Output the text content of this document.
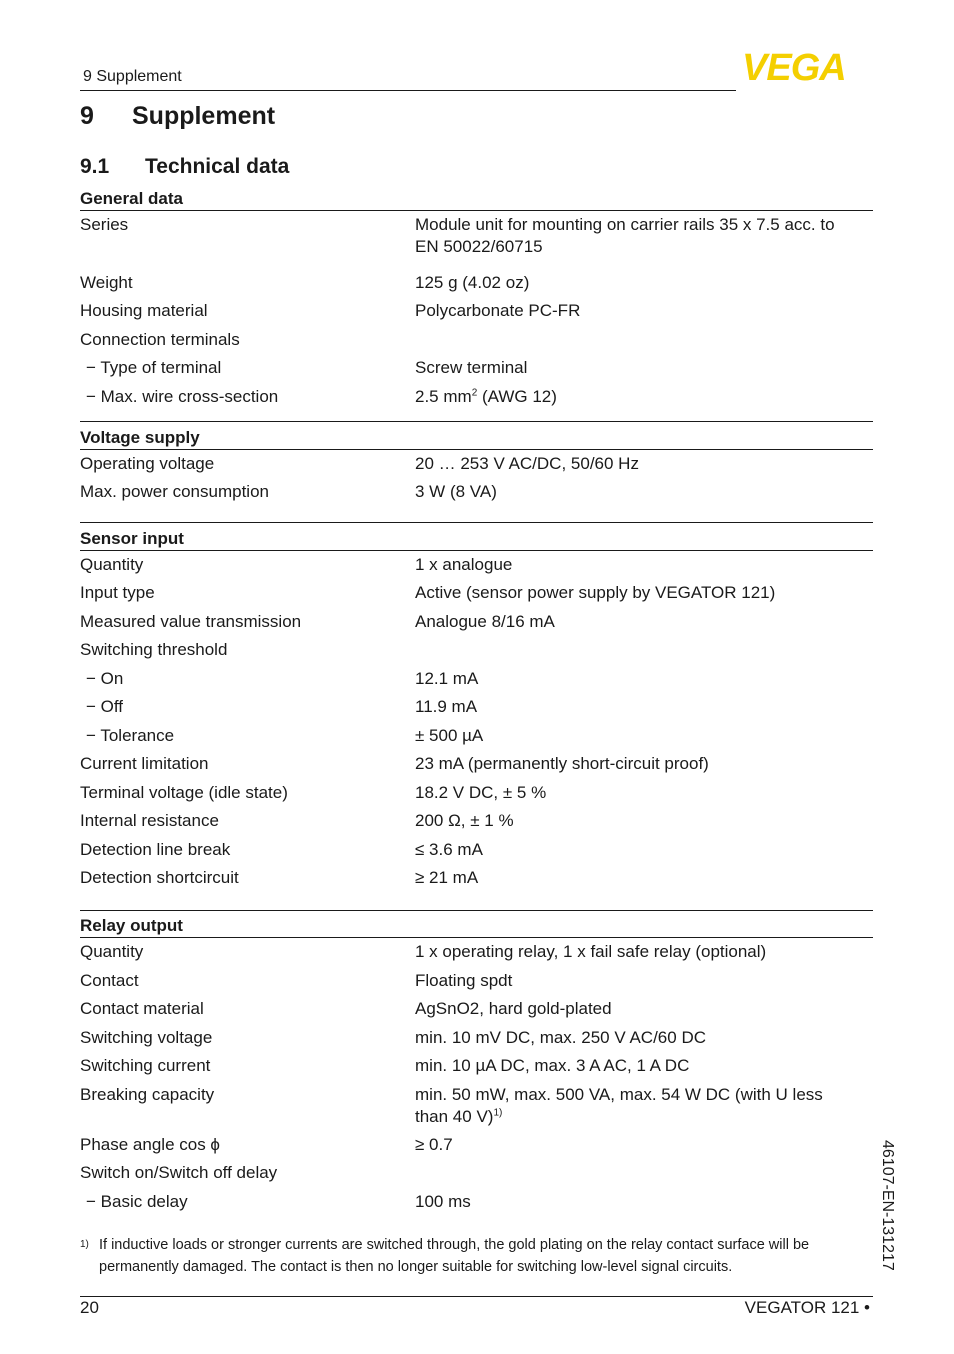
9 Supplement	VEGA
9 Supplement
9.1 Technical data
General data
Series	Module unit for mounting on carrier rails 35 x 7.5 acc. to
EN 50022/60715
Weight	125 g (4.02 oz)
Housing material	Polycarbonate PC-FR
Connection terminals
− Type of terminal	Screw terminal
− Max. wire cross-section	2.5 $mm^2$ (AWG 12)
Voltage supply
Operating voltage	20 … 253 V AC/DC, 50/60 Hz
Max. power consumption	3 W (8 VA)
Sensor input
Quantity	1 x analogue
Input type	Active (sensor power supply by VEGATOR 121)
Measured value transmission	Analogue 8/16 mA
Switching threshold
− On	12.1 mA
− Off	11.9 mA
− Tolerance	± 500 µA
Current limitation	23 mA (permanently short-circuit proof)
Terminal voltage (idle state)	18.2 V DC, ± 5 %
Internal resistance	200 Ω, ± 1 %
Detection line break	≤ 3.6 mA
Detection shortcircuit	≥ 21 mA
Relay output
Quantity	1 x operating relay, 1 x fail safe relay (optional)
Contact	Floating spdt
Contact material	AgSnO2, hard gold-plated
Switching voltage	min. 10 mV DC, max. 250 V AC/60 DC
Switching current	min. 10 µA DC, max. 3 A AC, 1 A DC
Breaking capacity	min. 50 mW, max. 500 VA, max. 54 W DC (with U less
than 40 V)$^{1)}$
Phase angle cos ϕ	≥ 0.7
Switch on/Switch off delay
− Basic delay	100 ms
1) If inductive loads or stronger currents are switched through, the gold plating on the relay contact surface will be permanently damaged. The contact is then no longer suitable for switching low-level signal circuits.
20	VEGATOR 121 •
46107-EN-131217
